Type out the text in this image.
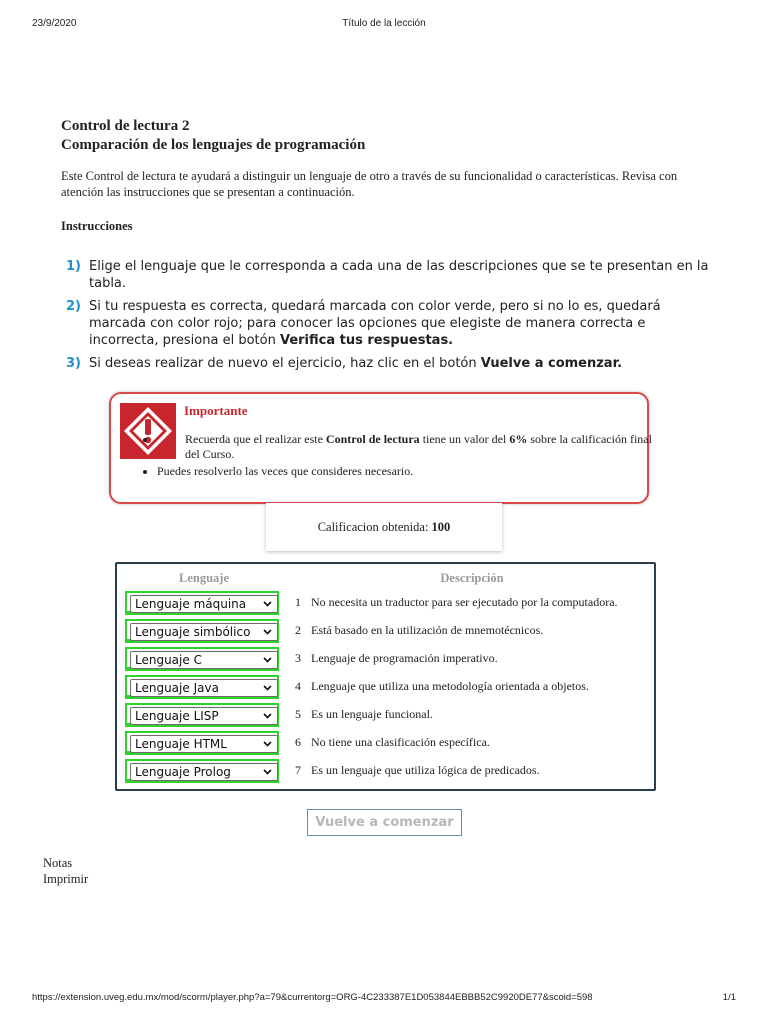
23/9/2020	Título de la lección
Control de lectura 2
Comparación de los lenguajes de programación

Este Control de lectura te ayudará a distinguir un lenguaje de otro a través de su funcionalidad o características. Revisa con atención las instrucciones que se presentan a continuación.

Instrucciones

1) Elige el lenguaje que le corresponda a cada una de las descripciones que se te presentan en la tabla.
2) Si tu respuesta es correcta, quedará marcada con color verde, pero si no lo es, quedará marcada con color rojo; para conocer las opciones que elegiste de manera correcta e incorrecta, presiona el botón Verifica tus respuestas.
3) Si deseas realizar de nuevo el ejercicio, haz clic en el botón Vuelve a comenzar.
Importante
• Recuerda que el realizar este Control de lectura tiene un valor del 6% sobre la calificación final del Curso.
• Puedes resolverlo las veces que consideres necesario.
Calificacion obtenida: 100
Lenguaje	Descripción
Lenguaje máquina	1 No necesita un traductor para ser ejecutado por la computadora.
Lenguaje simbólico	2 Está basado en la utilización de mnemotécnicos.
Lenguaje C	3 Lenguaje de programación imperativo.
Lenguaje Java	4 Lenguaje que utiliza una metodología orientada a objetos.
Lenguaje LISP	5 Es un lenguaje funcional.
Lenguaje HTML	6 No tiene una clasificación específica.
Lenguaje Prolog	7 Es un lenguaje que utiliza lógica de predicados.
Vuelve a comenzar
Notas
Imprimir
https://extension.uveg.edu.mx/mod/scorm/player.php?a=79&currentorg=ORG-4C233387E1D053844EBBB52C9920DE77&scoid=598	1/1
